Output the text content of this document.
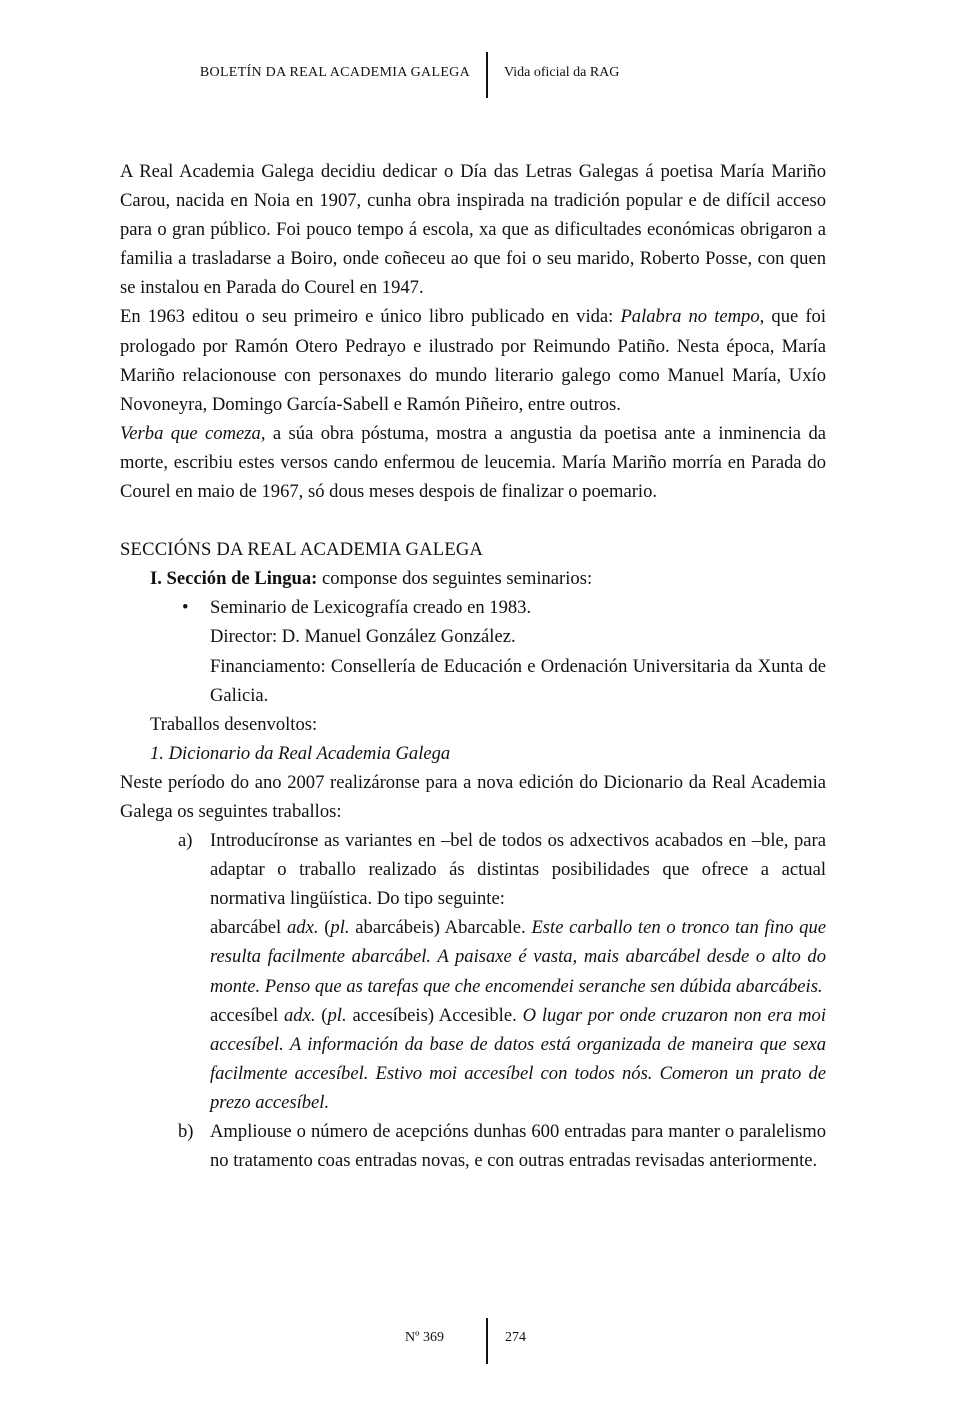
BOLETÍN DA REAL ACADEMIA GALEGA Vida oficial da RAG

A Real Academia Galega decidiu dedicar o Día das Letras Galegas á poetisa María Mariño Carou, nacida en Noia en 1907, cunha obra inspirada na tradición popular e de difícil acceso para o gran público. Foi pouco tempo á escola, xa que as dificultades económicas obrigaron a familia a trasladarse a Boiro, onde coñeceu ao que foi o seu marido, Roberto Posse, con quen se instalou en Parada do Courel en 1947.

En 1963 editou o seu primeiro e único libro publicado en vida: Palabra no tempo, que foi prologado por Ramón Otero Pedrayo e ilustrado por Reimundo Patiño. Nesta época, María Mariño relacionouse con personaxes do mundo literario galego como Manuel María, Uxío Novoneyra, Domingo García-Sabell e Ramón Piñeiro, entre outros.

Verba que comeza, a súa obra póstuma, mostra a angustia da poetisa ante a inminencia da morte, escribiu estes versos cando enfermou de leucemia. María Mariño morría en Parada do Courel en maio de 1967, só dous meses despois de finalizar o poemario.

SECCIÓNS DA REAL ACADEMIA GALEGA

I. Sección de Lingua: componse dos seguintes seminarios:

• Seminario de Lexicografía creado en 1983.

Director: D. Manuel González González.

Financiamento: Consellería de Educación e Ordenación Universitaria da Xunta de Galicia.

Traballos desenvoltos:

1. Dicionario da Real Academia Galega

Neste período do ano 2007 realizáronse para a nova edición do Dicionario da Real Academia Galega os seguintes traballos:

a) Introducíronse as variantes en –bel de todos os adxectivos acabados en –ble, para adaptar o traballo realizado ás distintas posibilidades que ofrece a actual normativa lingüística. Do tipo seguinte:

abarcábel adx. (pl. abarcábeis) Abarcable. Este carballo ten o tronco tan fino que resulta facilmente abarcábel. A paisaxe é vasta, mais abarcábel desde o alto do monte. Penso que as tarefas que che encomendei seranche sen dúbida abarcábeis.

accesíbel adx. (pl. accesíbeis) Accesible. O lugar por onde cruzaron non era moi accesíbel. A información da base de datos está organizada de maneira que sexa facilmente accesíbel. Estivo moi accesíbel con todos nós. Comeron un prato de prezo accesíbel.

b) Ampliouse o número de acepcións dunhas 600 entradas para manter o paralelismo no tratamento coas entradas novas, e con outras entradas revisadas anteriormente.

Nº 369	274
